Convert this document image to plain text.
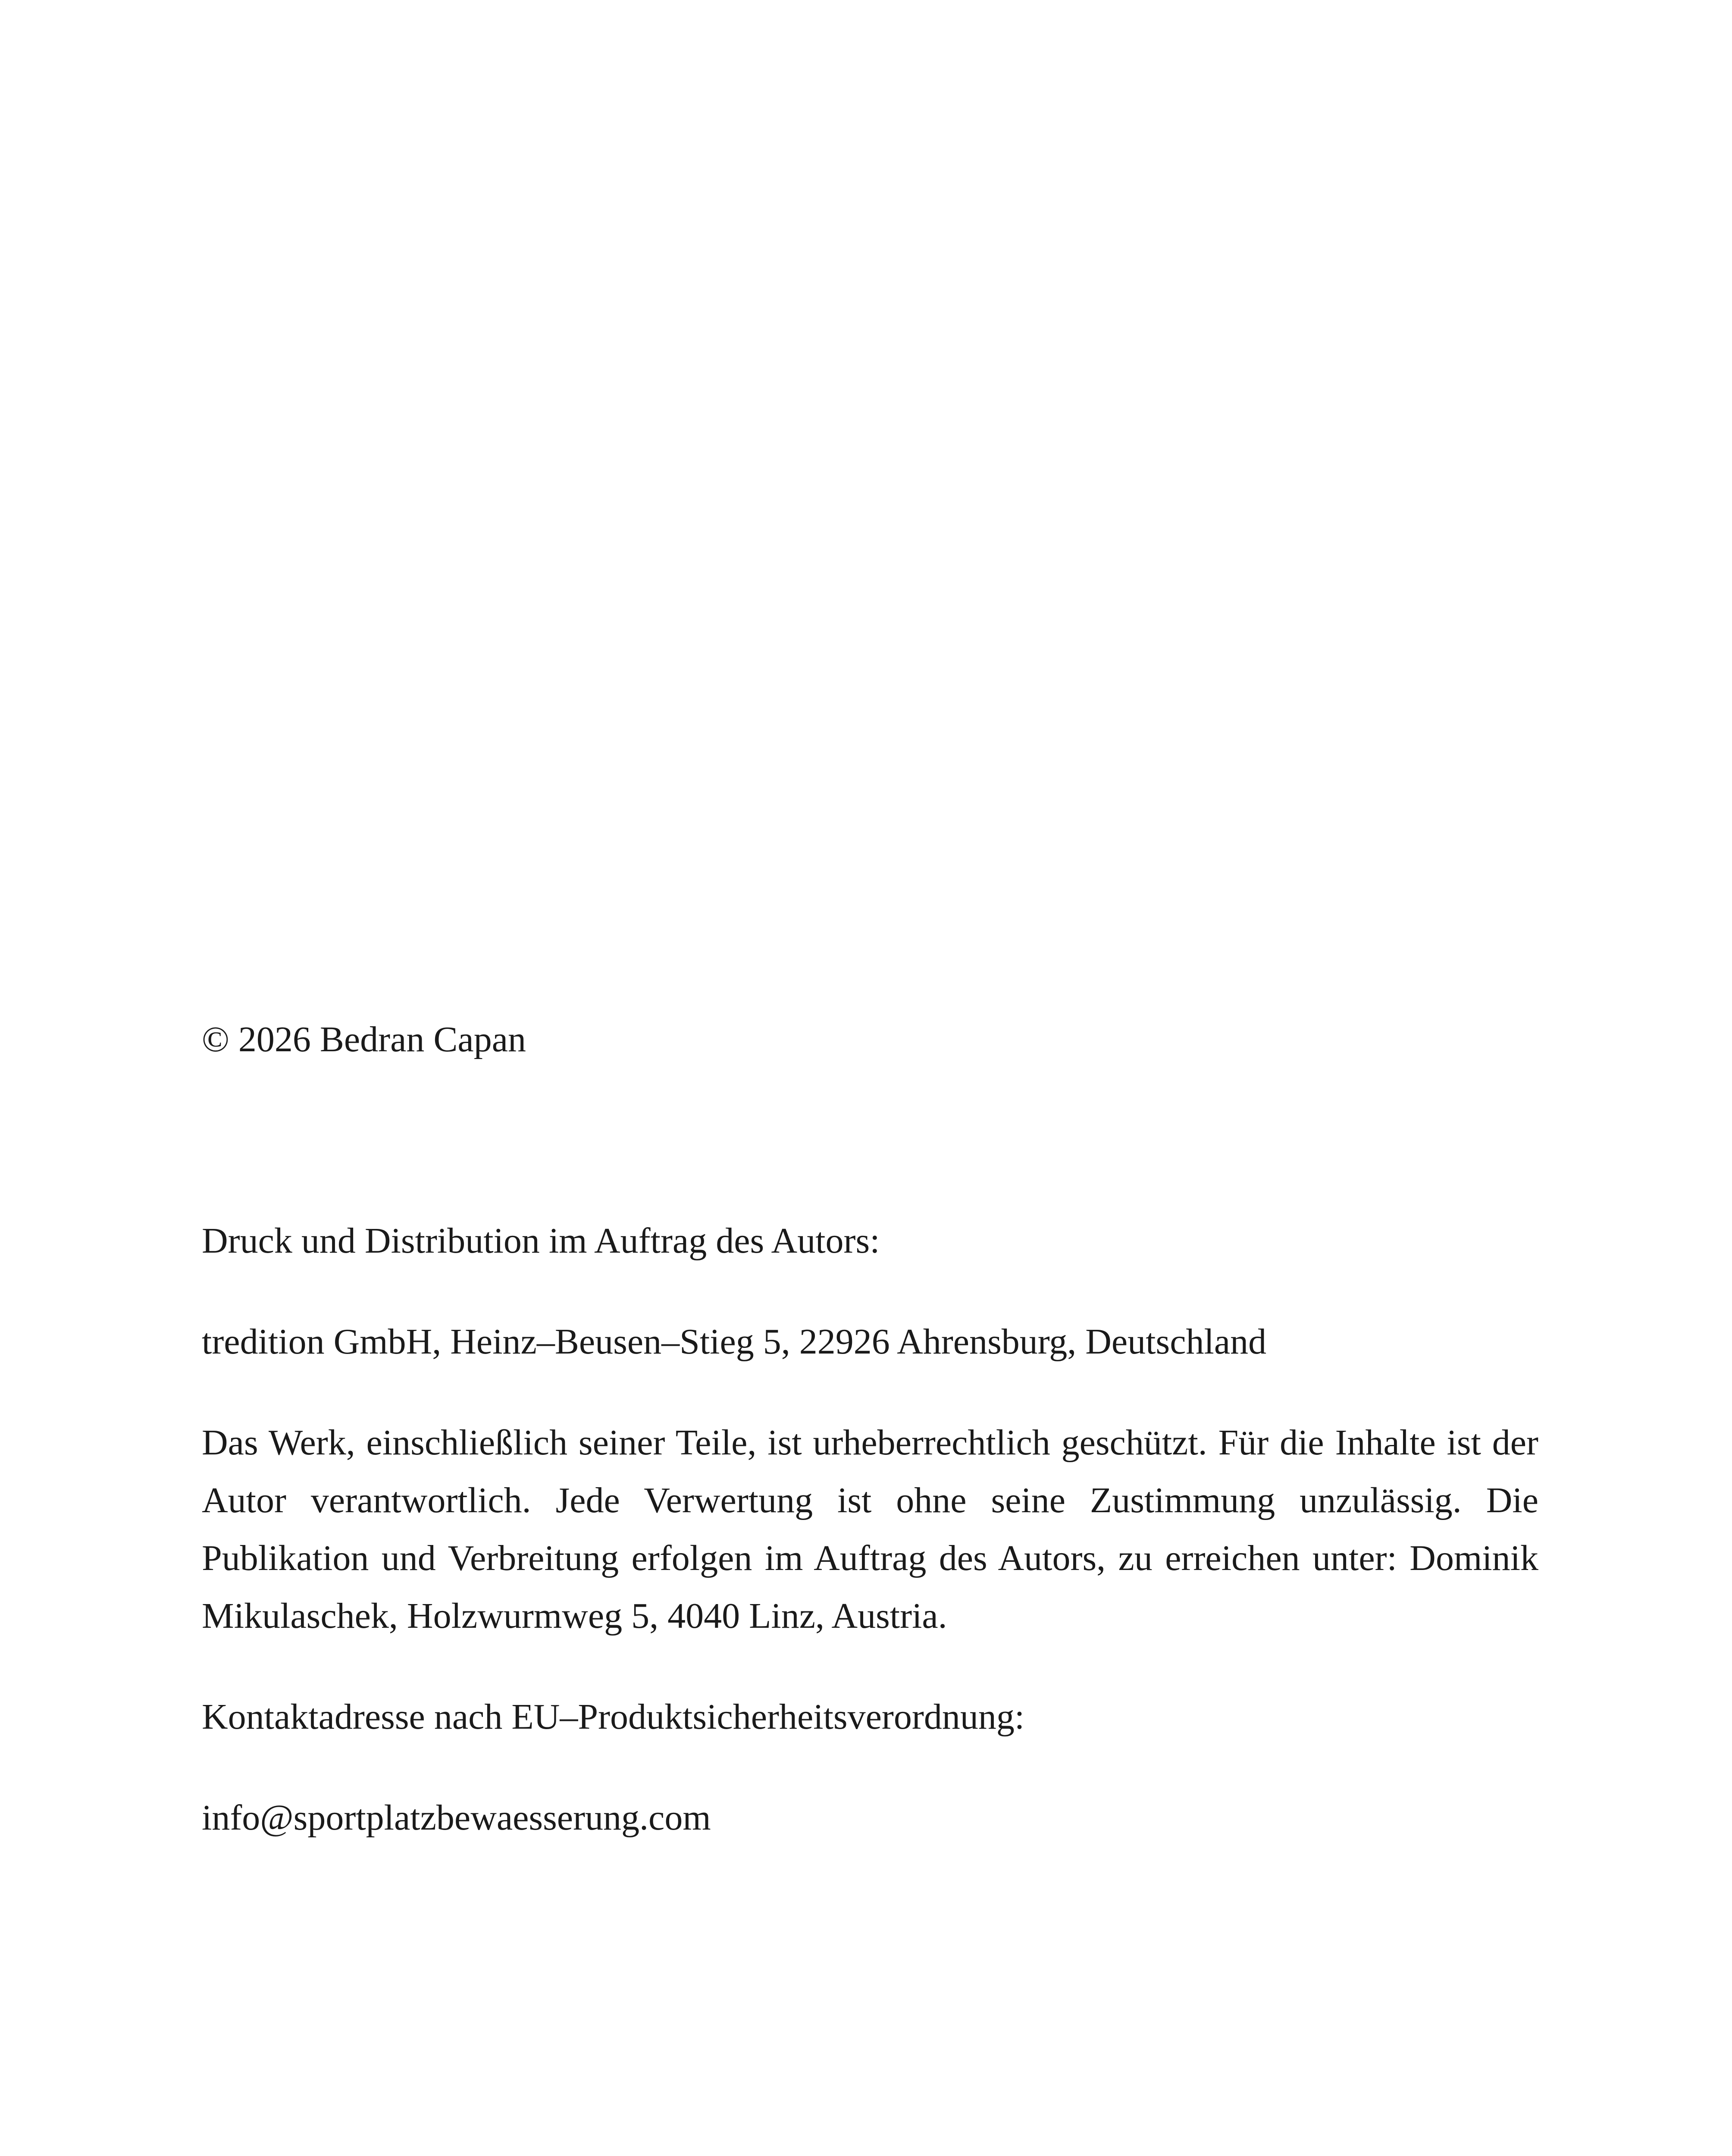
© 2026 Bedran Capan

Druck und Distribution im Auftrag des Autors:

tredition GmbH, Heinz–Beusen–Stieg 5, 22926 Ahrensburg, Deutschland

Das Werk, einschließlich seiner Teile, ist urheberrechtlich geschützt. Für die Inhalte ist der Autor verantwortlich. Jede Verwertung ist ohne seine Zustimmung unzulässig. Die Publikation und Verbreitung erfolgen im Auftrag des Autors, zu erreichen unter: Dominik Mikulaschek, Holzwurmweg 5, 4040 Linz, Austria.

Kontaktadresse nach EU–Produktsicherheitsverordnung:

info@sportplatzbewaesserung.com
